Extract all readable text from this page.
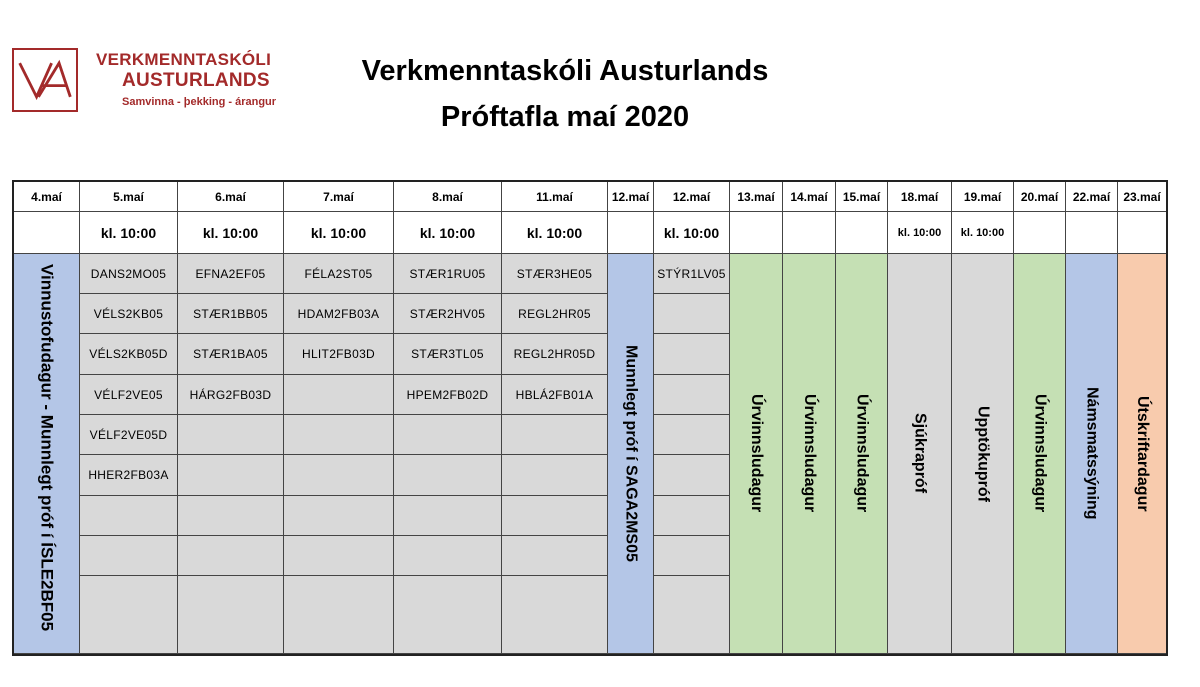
VERKMENNTASKÓLI
AUSTURLANDS
Samvinna - þekking - árangur
Verkmenntaskóli Austurlands
Próftafla maí 2020
4.maí
Vinnustofudagur - Munnlegt próf í ÍSLE2BF05
5.maí
kl. 10:00
DANS2MO05
VÉLS2KB05
VÉLS2KB05D
VÉLF2VE05
VÉLF2VE05D
HHER2FB03A
6.maí
kl. 10:00
EFNA2EF05
STÆR1BB05
STÆR1BA05
HÁRG2FB03D
7.maí
kl. 10:00
FÉLA2ST05
HDAM2FB03A
HLIT2FB03D
8.maí
kl. 10:00
STÆR1RU05
STÆR2HV05
STÆR3TL05
HPEM2FB02D
11.maí
kl. 10:00
STÆR3HE05
REGL2HR05
REGL2HR05D
HBLÁ2FB01A
12.maí
Munnlegt próf í SAGA2MS05
12.maí
kl. 10:00
STÝR1LV05
13.maí
Úrvinnsludagur
14.maí
Úrvinnsludagur
15.maí
Úrvinnsludagur
18.maí
kl. 10:00
Sjúkrapróf
19.maí
kl. 10:00
Upptökupróf
20.maí
Úrvinnsludagur
22.maí
Námsmatssýning
23.maí
Útskriftardagur
